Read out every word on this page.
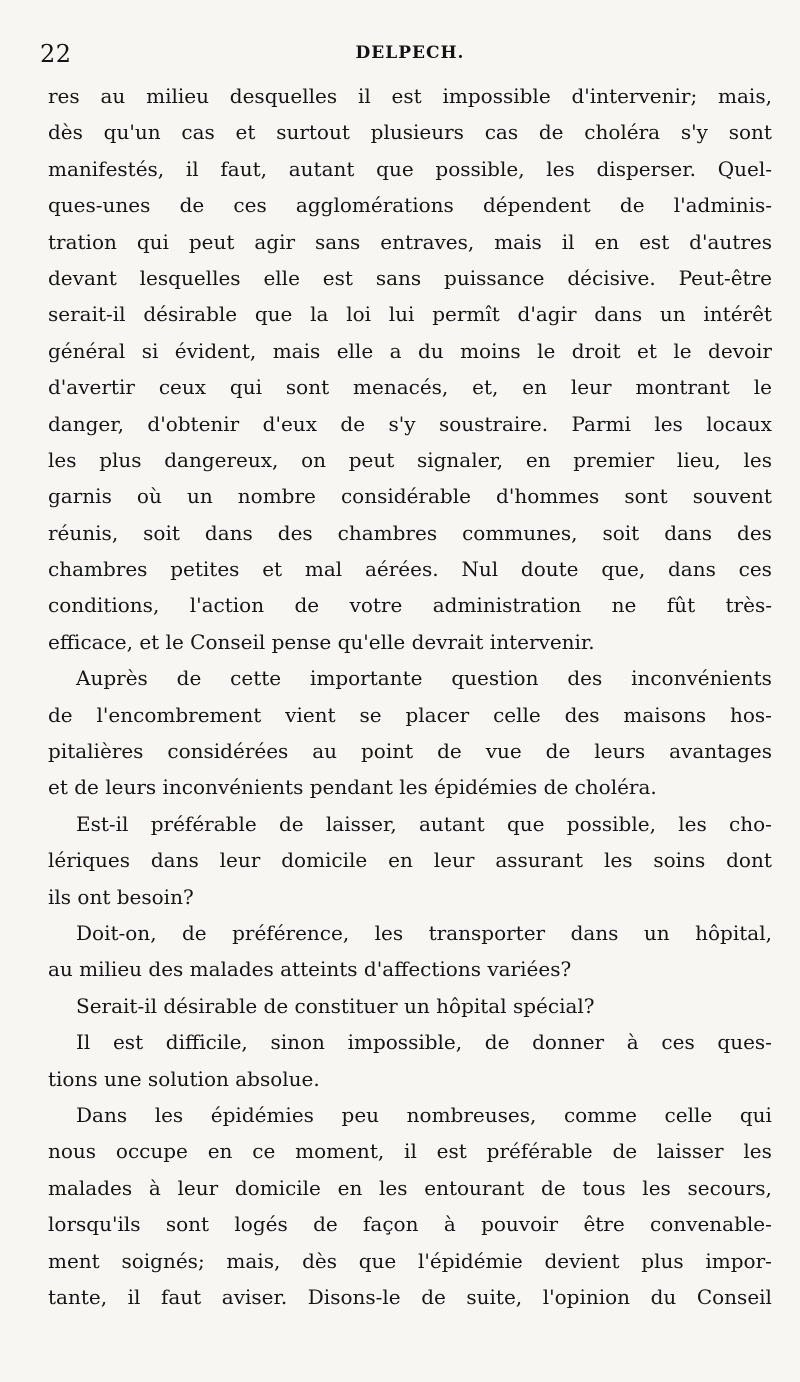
22	DELPECH.
res au milieu desquelles il est impossible d'intervenir; mais,
dès qu'un cas et surtout plusieurs cas de choléra s'y sont
manifestés, il faut, autant que possible, les disperser. Quel-
ques-unes de ces agglomérations dépendent de l'adminis-
tration qui peut agir sans entraves, mais il en est d'autres
devant lesquelles elle est sans puissance décisive. Peut-être
serait-il désirable que la loi lui permît d'agir dans un intérêt
général si évident, mais elle a du moins le droit et le devoir
d'avertir ceux qui sont menacés, et, en leur montrant le
danger, d'obtenir d'eux de s'y soustraire. Parmi les locaux
les plus dangereux, on peut signaler, en premier lieu, les
garnis où un nombre considérable d'hommes sont souvent
réunis, soit dans des chambres communes, soit dans des
chambres petites et mal aérées. Nul doute que, dans ces
conditions, l'action de votre administration ne fût très-
efficace, et le Conseil pense qu'elle devrait intervenir.
Auprès de cette importante question des inconvénients
de l'encombrement vient se placer celle des maisons hos-
pitalières considérées au point de vue de leurs avantages
et de leurs inconvénients pendant les épidémies de choléra.
Est-il préférable de laisser, autant que possible, les cho-
lériques dans leur domicile en leur assurant les soins dont
ils ont besoin?
Doit-on, de préférence, les transporter dans un hôpital,
au milieu des malades atteints d'affections variées?
Serait-il désirable de constituer un hôpital spécial?
Il est difficile, sinon impossible, de donner à ces ques-
tions une solution absolue.
Dans les épidémies peu nombreuses, comme celle qui
nous occupe en ce moment, il est préférable de laisser les
malades à leur domicile en les entourant de tous les secours,
lorsqu'ils sont logés de façon à pouvoir être convenable-
ment soignés; mais, dès que l'épidémie devient plus impor-
tante, il faut aviser. Disons-le de suite, l'opinion du Conseil
